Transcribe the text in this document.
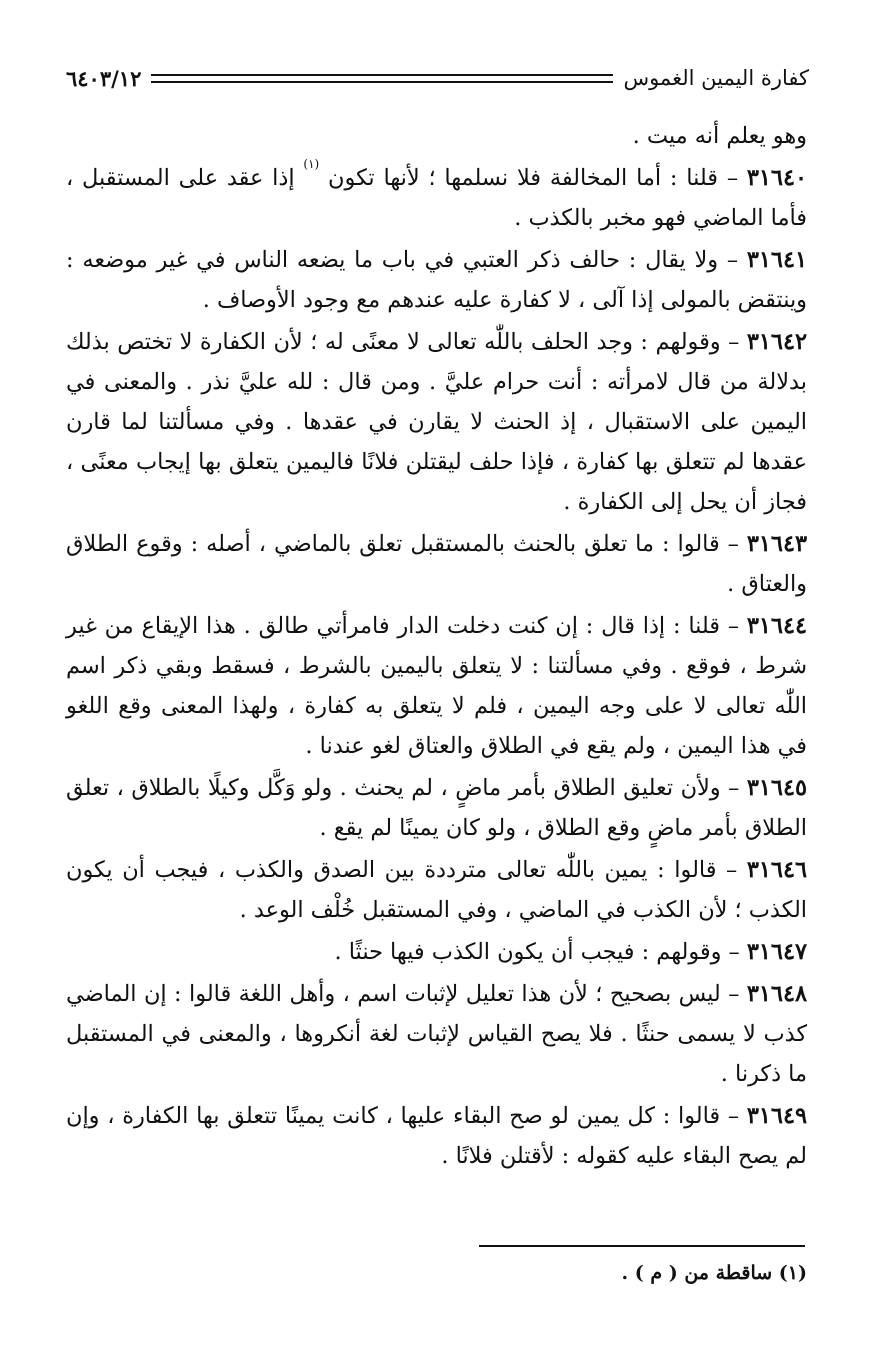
كفارة اليمين الغموس
٦٤٠٣/١٢

وهو يعلم أنه ميت .

٣١٦٤٠ – قلنا : أما المخالفة فلا نسلمها ؛ لأنها تكون $^{(١)}$ إذا عقد على المستقبل ، فأما الماضي فهو مخبر بالكذب .

٣١٦٤١ – ولا يقال : حالف ذكر العتبي في باب ما يضعه الناس في غير موضعه : وينتقض بالمولى إذا آلى ، لا كفارة عليه عندهم مع وجود الأوصاف .

٣١٦٤٢ – وقولهم : وجد الحلف باللّٰه تعالى لا معنًى له ؛ لأن الكفارة لا تختص بذلك بدلالة من قال لامرأته : أنت حرام عليَّ . ومن قال : لله عليَّ نذر . والمعنى في اليمين على الاستقبال ، إذ الحنث لا يقارن في عقدها . وفي مسألتنا لما قارن عقدها لم تتعلق بها كفارة ، فإذا حلف ليقتلن فلانًا فاليمين يتعلق بها إيجاب معنًى ، فجاز أن يحل إلى الكفارة .

٣١٦٤٣ – قالوا : ما تعلق بالحنث بالمستقبل تعلق بالماضي ، أصله : وقوع الطلاق والعتاق .

٣١٦٤٤ – قلنا : إذا قال : إن كنت دخلت الدار فامرأتي طالق . هذا الإيقاع من غير شرط ، فوقع . وفي مسألتنا : لا يتعلق باليمين بالشرط ، فسقط وبقي ذكر اسم اللّٰه تعالى لا على وجه اليمين ، فلم لا يتعلق به كفارة ، ولهذا المعنى وقع اللغو في هذا اليمين ، ولم يقع في الطلاق والعتاق لغو عندنا .

٣١٦٤٥ – ولأن تعليق الطلاق بأمر ماضٍ ، لم يحنث . ولو وَكَّل وكيلًا بالطلاق ، تعلق الطلاق بأمر ماضٍ وقع الطلاق ، ولو كان يمينًا لم يقع .

٣١٦٤٦ – قالوا : يمين باللّٰه تعالى مترددة بين الصدق والكذب ، فيجب أن يكون الكذب ؛ لأن الكذب في الماضي ، وفي المستقبل خُلْف الوعد .

٣١٦٤٧ – وقولهم : فيجب أن يكون الكذب فيها حنثًا .

٣١٦٤٨ – ليس بصحيح ؛ لأن هذا تعليل لإثبات اسم ، وأهل اللغة قالوا : إن الماضي كذب لا يسمى حنثًا . فلا يصح القياس لإثبات لغة أنكروها ، والمعنى في المستقبل ما ذكرنا .

٣١٦٤٩ – قالوا : كل يمين لو صح البقاء عليها ، كانت يمينًا تتعلق بها الكفارة ، وإن لم يصح البقاء عليه كقوله : لأقتلن فلانًا .

(١) ساقطة من ( م ) .
